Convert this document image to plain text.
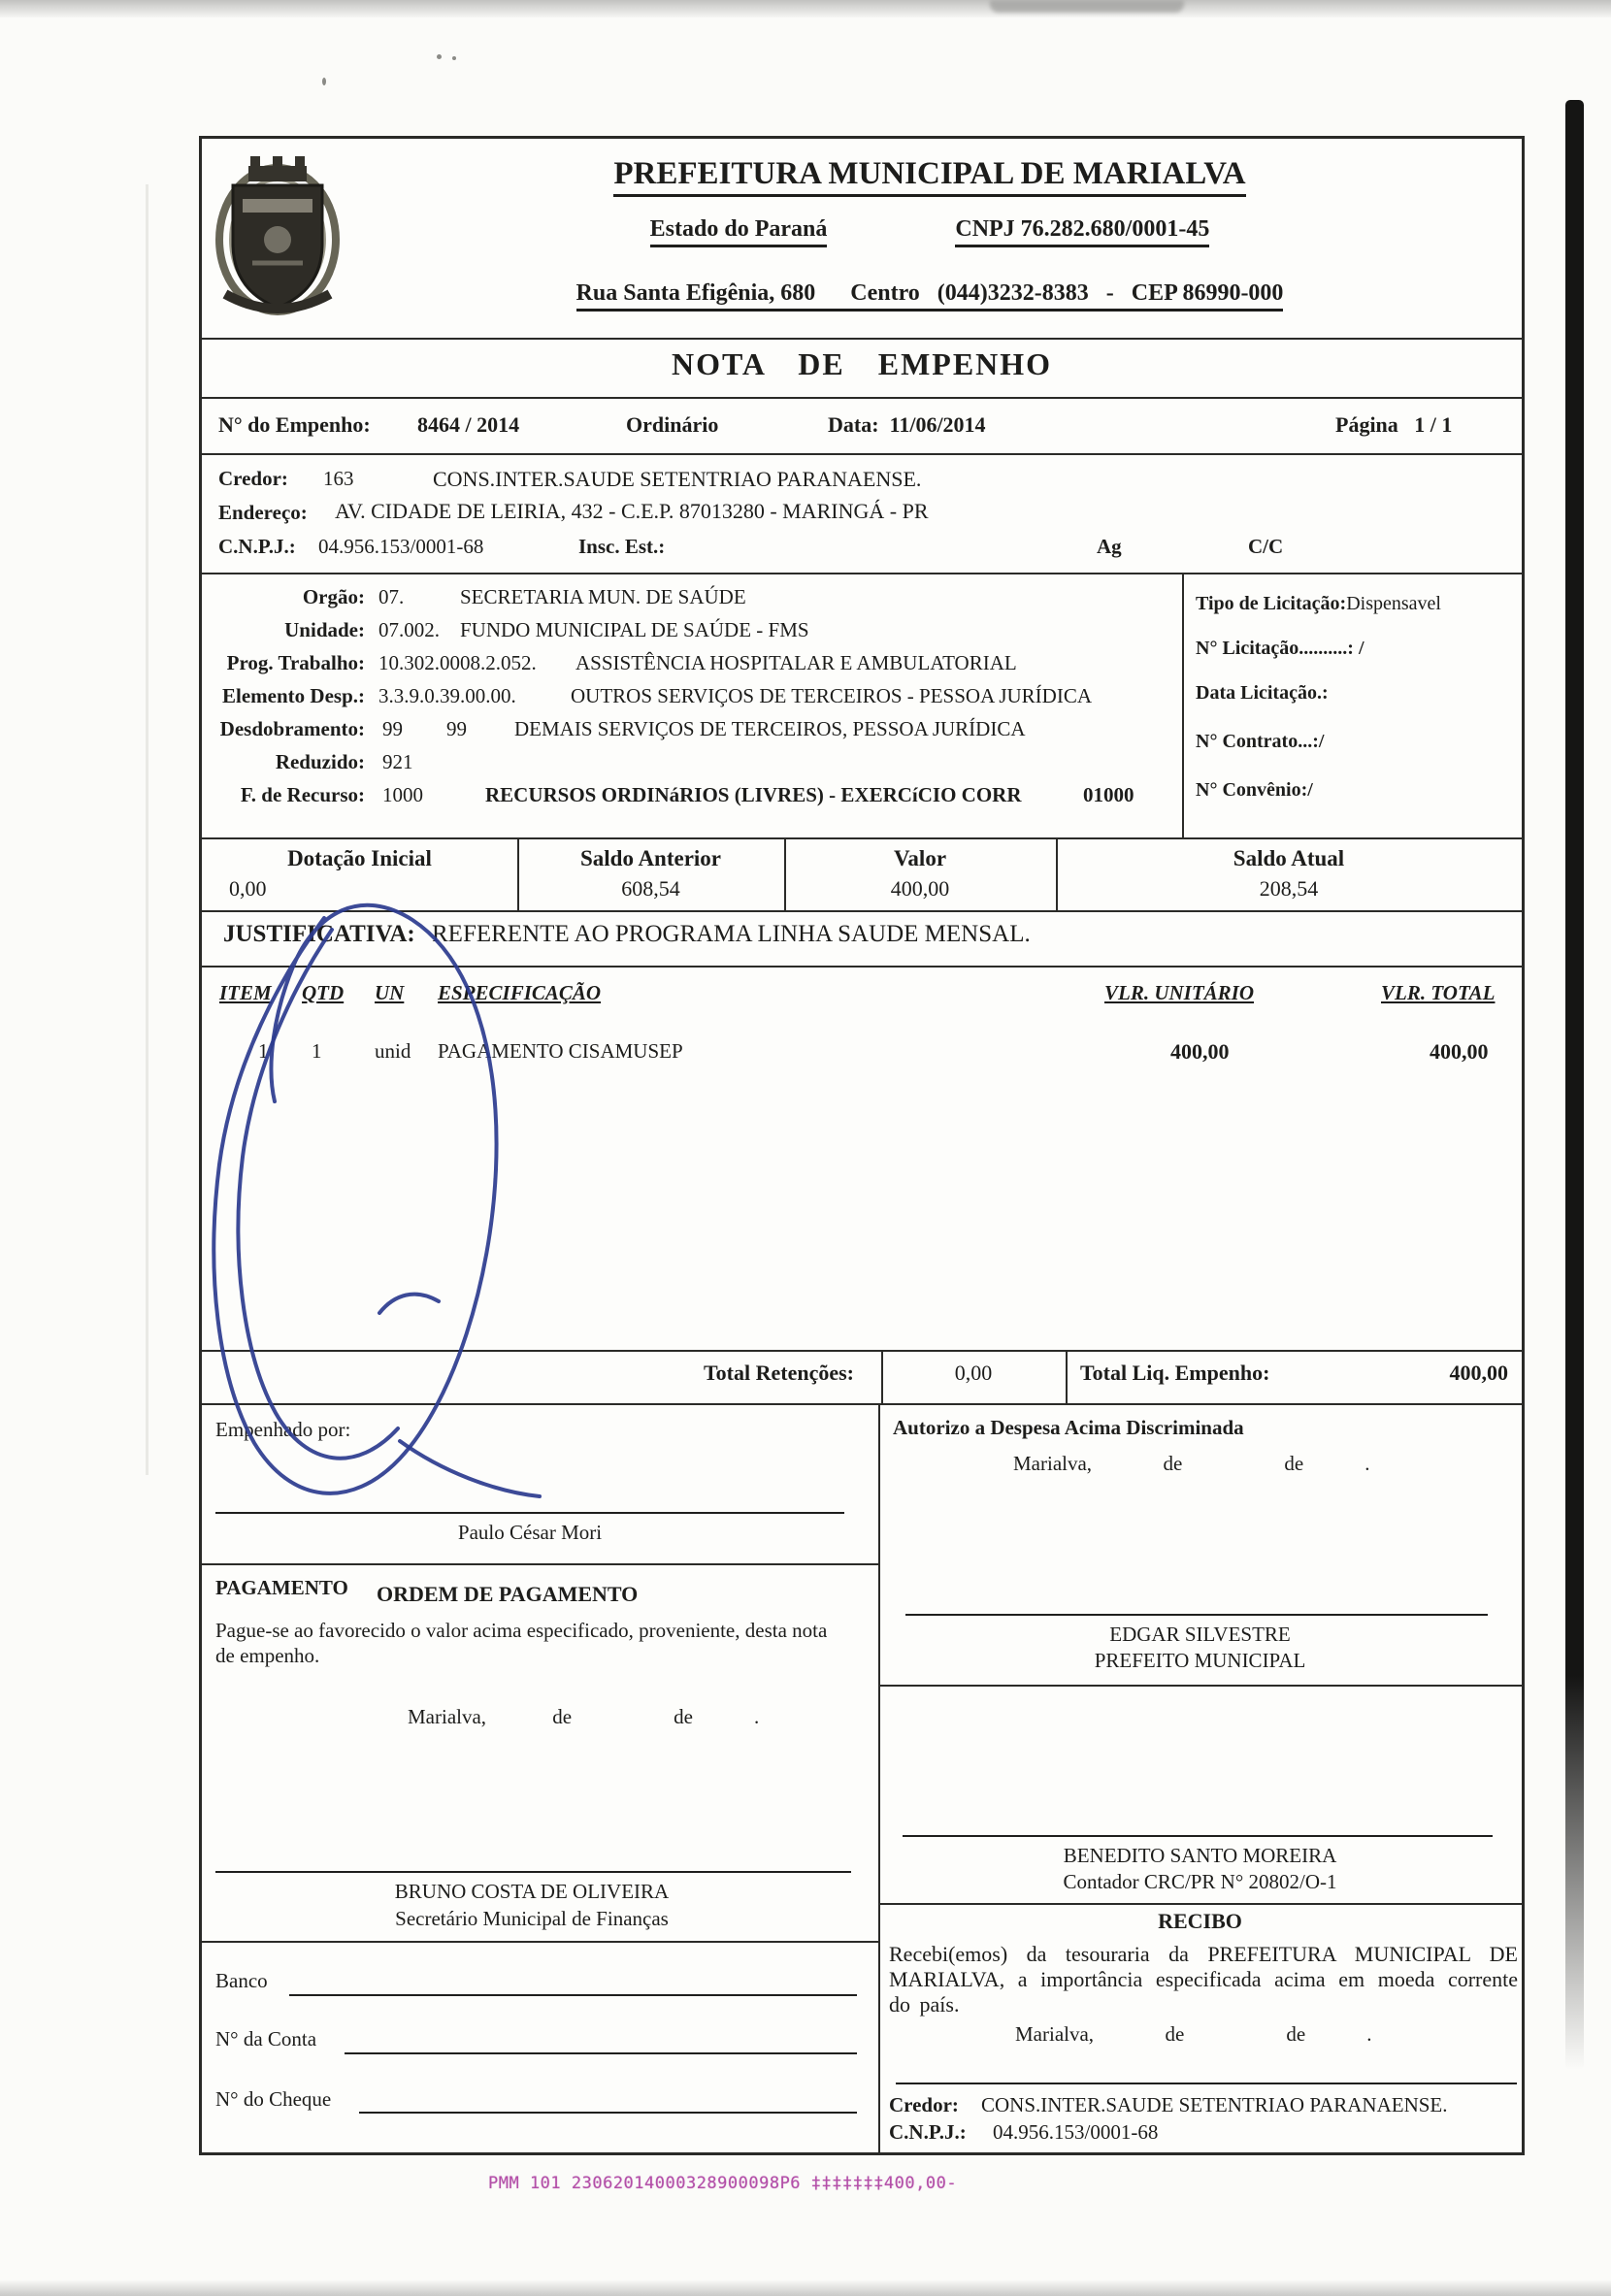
PREFEITURA MUNICIPAL DE MARIALVA
Estado do Paraná	CNPJ 76.282.680/0001-45
Rua Santa Efigênia, 680      Centro   (044)3232-8383   -   CEP 86990-000
NOTA DE EMPENHO
N° do Empenho: 8464 / 2014	Ordinário	Data:  11/06/2014	Página   1 / 1
Credor: 163	CONS.INTER.SAUDE SETENTRIAO PARANAENSE.
Endereço: AV. CIDADE DE LEIRIA, 432 - C.E.P. 87013280 - MARINGÁ - PR
C.N.P.J.: 04.956.153/0001-68	Insc. Est.:	Ag	C/C
Orgão: 07.	SECRETARIA MUN. DE SAÚDE
Unidade: 07.002. FUNDO MUNICIPAL DE SAÚDE - FMS
Prog. Trabalho: 10.302.0008.2.052. ASSISTÊNCIA HOSPITALAR E AMBULATORIAL
Elemento Desp.: 3.3.9.0.39.00.00.	OUTROS SERVIÇOS DE TERCEIROS - PESSOA JURÍDICA
Desdobramento: 99 99 DEMAIS SERVIÇOS DE TERCEIROS, PESSOA JURÍDICA
Reduzido: 921
F. de Recurso: 1000	RECURSOS ORDINáRIOS (LIVRES) - EXERCíCIO CORR	01000
Tipo de Licitação:Dispensavel
N° Licitação..........: /
Data Licitação.:
N° Contrato...:/
N° Convênio:/
Dotação Inicial	Saldo Anterior	Valor	Saldo Atual
0,00	608,54	400,00	208,54
JUSTIFICATIVA: REFERENTE AO PROGRAMA LINHA SAUDE MENSAL.
ITEM QTD UN ESPECIFICAÇÃO	VLR. UNITÁRIO	VLR. TOTAL
1 1	unid PAGAMENTO CISAMUSEP	400,00	400,00
Total Retenções:	0,00	Total Liq. Empenho:	400,00
Empenhado por:
Paulo César Mori
PAGAMENTO ORDEM DE PAGAMENTO
Pague-se ao favorecido o valor acima especificado, proveniente, desta nota de empenho.
Marialva,             de                    de            .
BRUNO COSTA DE OLIVEIRA
Secretário Municipal de Finanças
Banco
N° da Conta
N° do Cheque
Autorizo a Despesa Acima Discriminada
Marialva,              de                    de            .
EDGAR SILVESTRE
PREFEITO MUNICIPAL
BENEDITO SANTO MOREIRA
Contador CRC/PR N° 20802/O-1
RECIBO
Recebi(emos) da tesouraria da PREFEITURA MUNICIPAL DE MARIALVA, a importância especificada acima em moeda corrente do país.
Marialva,              de                    de            .
Credor: CONS.INTER.SAUDE SETENTRIAO PARANAENSE.
C.N.P.J.: 04.956.153/0001-68
PMM 101 23062014000328900098P6 ‡‡‡‡‡‡‡400,00-
